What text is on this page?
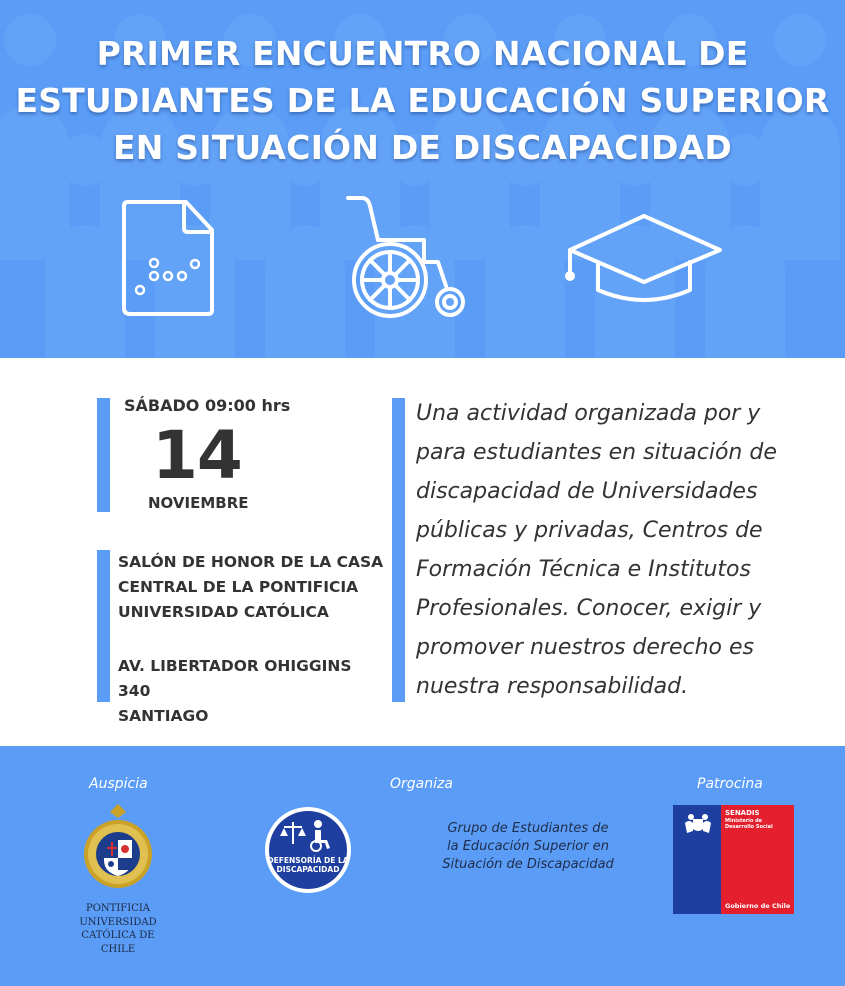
PRIMER ENCUENTRO NACIONAL DE
ESTUDIANTES DE LA EDUCACIÓN SUPERIOR
EN SITUACIÓN DE DISCAPACIDAD
SÁBADO 09:00 hrs
14
NOVIEMBRE
SALÓN DE HONOR DE LA CASA
CENTRAL DE LA PONTIFICIA
UNIVERSIDAD CATÓLICA
AV. LIBERTADOR OHIGGINS 340
SANTIAGO
Una actividad organizada por y
para estudiantes en situación de
discapacidad de Universidades
públicas y privadas, Centros de
Formación Técnica e Institutos
Profesionales. Conocer, exigir y
promover nuestros derecho es
nuestra responsabilidad.
Auspicia	Organiza	Patrocina
PONTIFICIA
UNIVERSIDAD
CATÓLICA DE
CHILE
DEFENSORÍA DE LA
DISCAPACIDAD
Grupo de Estudiantes de
la Educación Superior en
Situación de Discapacidad
SENADIS
Ministerio de
Desarrollo Social
Gobierno de Chile
